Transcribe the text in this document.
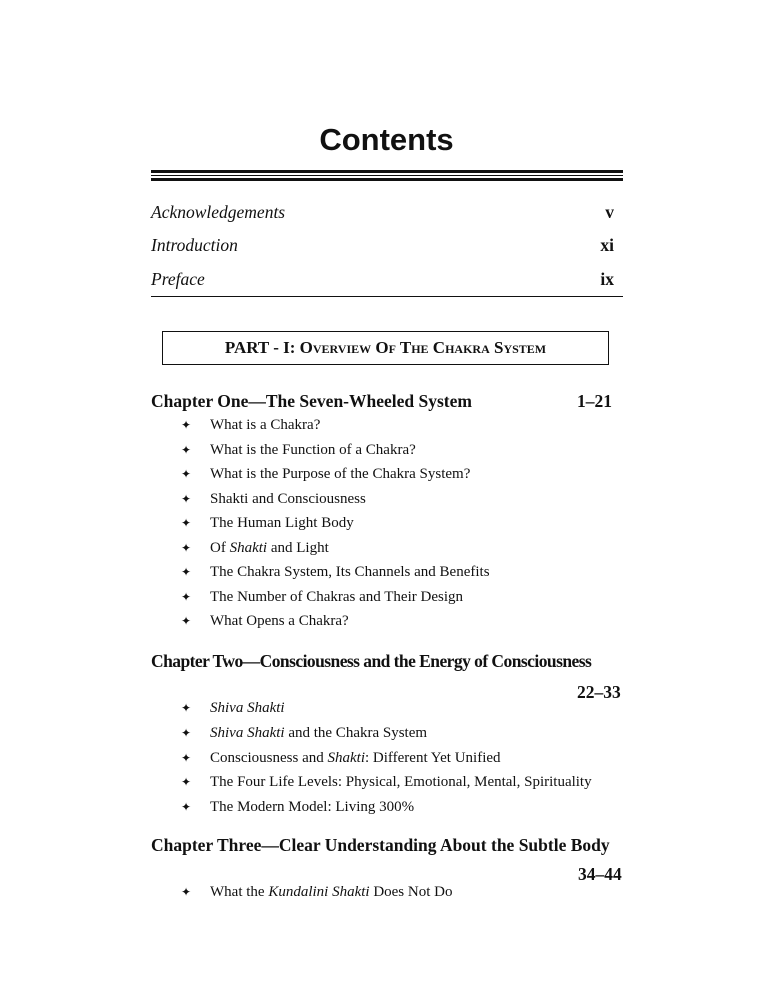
Contents
Acknowledgements	v
Introduction	xi
Preface	ix
PART - I: Overview Of The Chakra System
Chapter One—The Seven-Wheeled System	1–21
✦ What is a Chakra?
✦ What is the Function of a Chakra?
✦ What is the Purpose of the Chakra System?
✦ Shakti and Consciousness
✦ The Human Light Body
✦ Of Shakti and Light
✦ The Chakra System, Its Channels and Benefits
✦ The Number of Chakras and Their Design
✦ What Opens a Chakra?
Chapter Two—Consciousness and the Energy of Consciousness
22–33
✦ Shiva Shakti
✦ Shiva Shakti and the Chakra System
✦ Consciousness and Shakti: Different Yet Unified
✦ The Four Life Levels: Physical, Emotional, Mental, Spirituality
✦ The Modern Model: Living 300%
Chapter Three—Clear Understanding About the Subtle Body
34–44
✦ What the Kundalini Shakti Does Not Do
